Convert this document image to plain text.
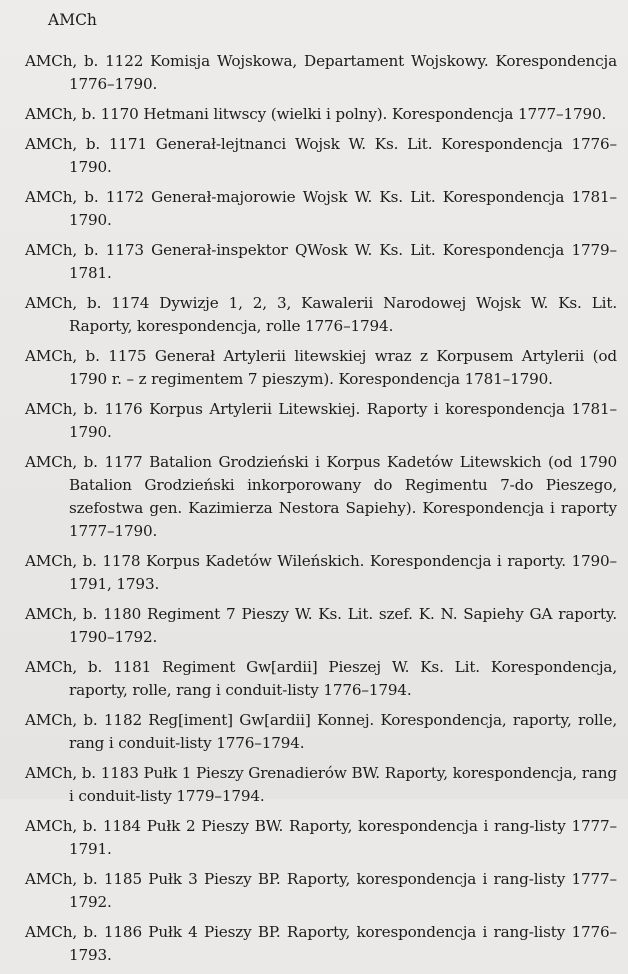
AMCh
AMCh, b. 1122 Komisja Wojskowa, Departament Wojskowy. Korespondencja 1776–1790.
AMCh, b. 1170 Hetmani litwscy (wielki i polny). Korespondencja 1777–1790.
AMCh, b. 1171 Generał-lejtnanci Wojsk W. Ks. Lit. Korespondencja 1776–1790.
AMCh, b. 1172 Generał-majorowie Wojsk W. Ks. Lit. Korespondencja 1781–1790.
AMCh, b. 1173 Generał-inspektor QWosk W. Ks. Lit. Korespondencja 1779–1781.
AMCh, b. 1174 Dywizje 1, 2, 3, Kawalerii Narodowej Wojsk W. Ks. Lit. Raporty, korespondencja, rolle 1776–1794.
AMCh, b. 1175 Generał Artylerii litewskiej wraz z Korpusem Artylerii (od 1790 r. – z regimentem 7 pieszym). Korespondencja 1781–1790.
AMCh, b. 1176 Korpus Artylerii Litewskiej. Raporty i korespondencja 1781–1790.
AMCh, b. 1177 Batalion Grodzieński i Korpus Kadetów Litewskich (od 1790 Batalion Grodzieński inkorporowany do Regimentu 7-do Pieszego, szefostwa gen. Kazimierza Nestora Sapiehy). Korespondencja i raporty 1777–1790.
AMCh, b. 1178 Korpus Kadetów Wileńskich. Korespondencja i raporty. 1790–1791, 1793.
AMCh, b. 1180 Regiment 7 Pieszy W. Ks. Lit. szef. K. N. Sapiehy GA raporty. 1790–1792.
AMCh, b. 1181 Regiment Gw[ardii] Pieszej W. Ks. Lit. Korespondencja, raporty, rolle, rang i conduit-listy 1776–1794.
AMCh, b. 1182 Reg[iment] Gw[ardii] Konnej. Korespondencja, raporty, rolle, rang i conduit-listy 1776–1794.
AMCh, b. 1183 Pułk 1 Pieszy Grenadierów BW. Raporty, korespondencja, rang i conduit-listy 1779–1794.
AMCh, b. 1184 Pułk 2 Pieszy BW. Raporty, korespondencja i rang-listy 1777–1791.
AMCh, b. 1185 Pułk 3 Pieszy BP. Raporty, korespondencja i rang-listy 1777–1792.
AMCh, b. 1186 Pułk 4 Pieszy BP. Raporty, korespondencja i rang-listy 1776–1793.
